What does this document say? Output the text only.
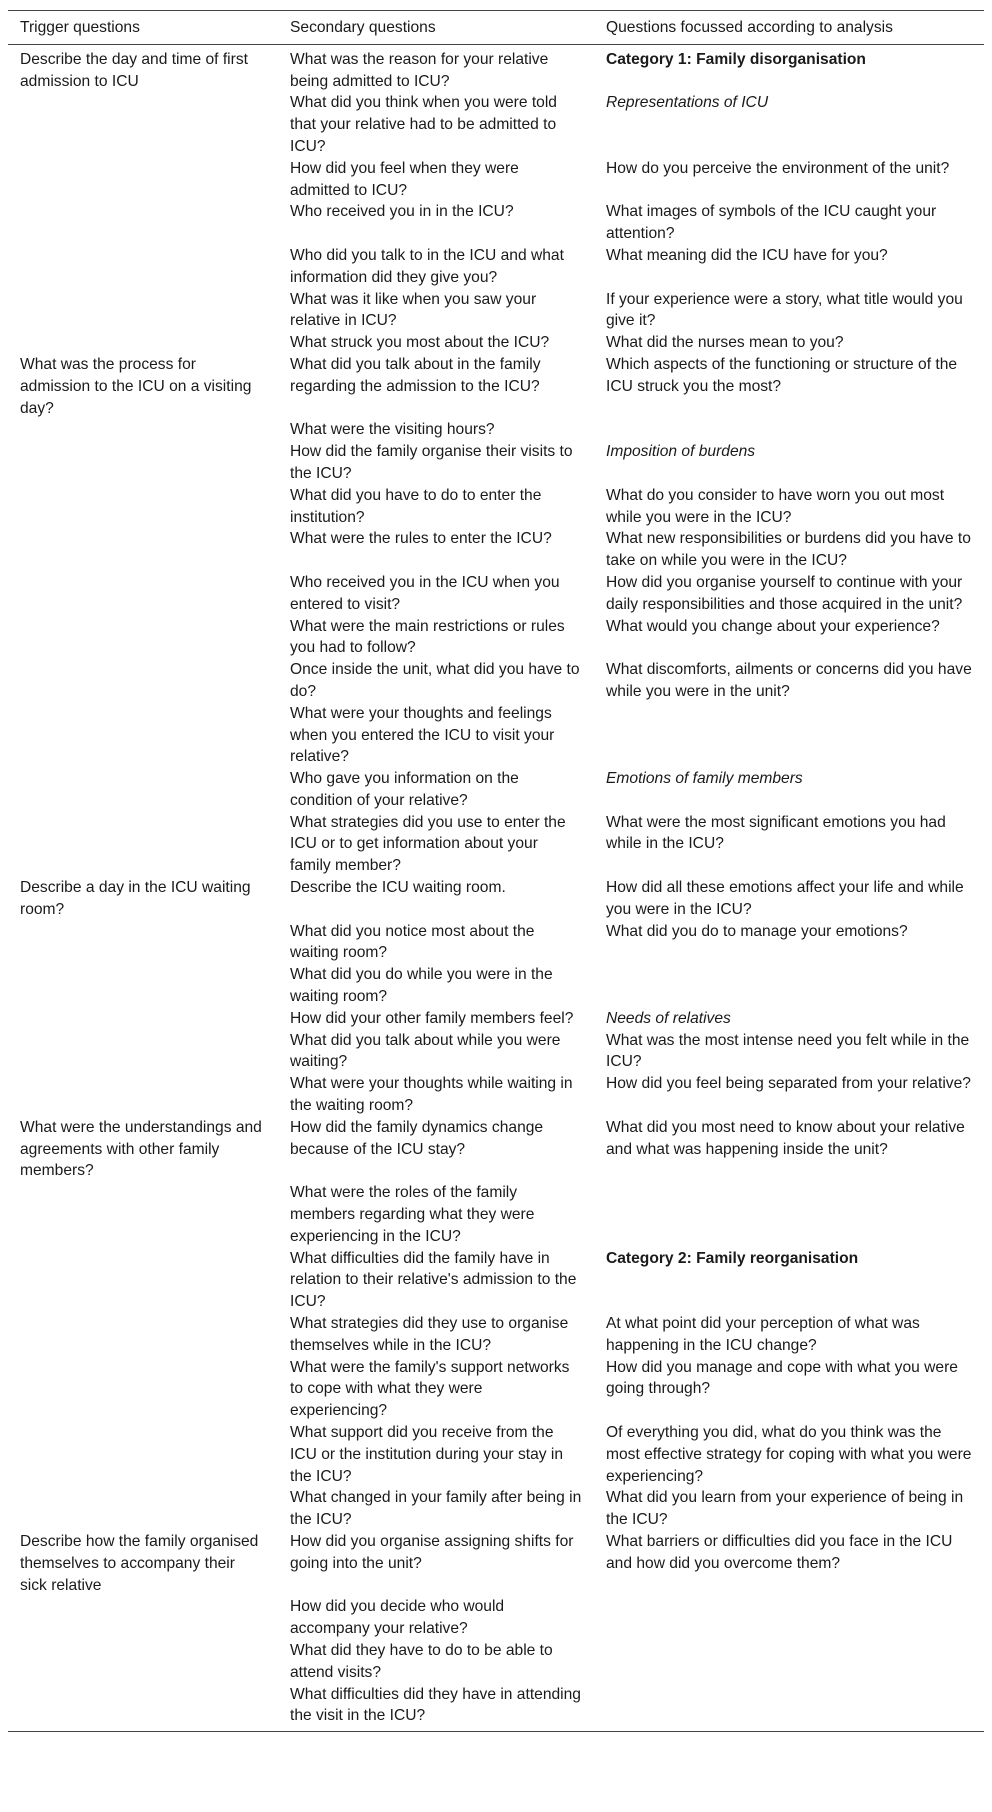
Trigger questions	Secondary questions	Questions focussed according to analysis

Describe the day and time of first admission to ICU	What was the reason for your relative being admitted to ICU?	Category 1: Family disorganisation

	What did you think when you were told that your relative had to be admitted to ICU?	Representations of ICU

	How did you feel when they were admitted to ICU?	How do you perceive the environment of the unit?

	Who received you in in the ICU?	What images of symbols of the ICU caught your attention?

	Who did you talk to in the ICU and what information did they give you?	What meaning did the ICU have for you?

	What was it like when you saw your relative in ICU?	If your experience were a story, what title would you give it?

	What struck you most about the ICU?	What did the nurses mean to you?

What was the process for admission to the ICU on a visiting day?	What did you talk about in the family regarding the admission to the ICU?	Which aspects of the functioning or structure of the ICU struck you the most?

	What were the visiting hours?	

	How did the family organise their visits to the ICU?	Imposition of burdens

	What did you have to do to enter the institution?	What do you consider to have worn you out most while you were in the ICU?

	What were the rules to enter the ICU?	What new responsibilities or burdens did you have to take on while you were in the ICU?

	Who received you in the ICU when you entered to visit?	How did you organise yourself to continue with your daily responsibilities and those acquired in the unit?

	What were the main restrictions or rules you had to follow?	What would you change about your experience?

	Once inside the unit, what did you have to do?	What discomforts, ailments or concerns did you have while you were in the unit?

	What were your thoughts and feelings when you entered the ICU to visit your relative?	

	Who gave you information on the condition of your relative?	Emotions of family members

	What strategies did you use to enter the ICU or to get information about your family member?	What were the most significant emotions you had while in the ICU?

Describe a day in the ICU waiting room?	Describe the ICU waiting room.	How did all these emotions affect your life and while you were in the ICU?

	What did you notice most about the waiting room?	What did you do to manage your emotions?

	What did you do while you were in the waiting room?	

	How did your other family members feel?	Needs of relatives

	What did you talk about while you were waiting?	What was the most intense need you felt while in the ICU?

	What were your thoughts while waiting in the waiting room?	How did you feel being separated from your relative?

What were the understandings and agreements with other family members?	How did the family dynamics change because of the ICU stay?	What did you most need to know about your relative and what was happening inside the unit?

	What were the roles of the family members regarding what they were experiencing in the ICU?	

	What difficulties did the family have in relation to their relative's admission to the ICU?	Category 2: Family reorganisation

	What strategies did they use to organise themselves while in the ICU?	At what point did your perception of what was happening in the ICU change?

	What were the family's support networks to cope with what they were experiencing?	How did you manage and cope with what you were going through?

	What support did you receive from the ICU or the institution during your stay in the ICU?	Of everything you did, what do you think was the most effective strategy for coping with what you were experiencing?

	What changed in your family after being in the ICU?	What did you learn from your experience of being in the ICU?

Describe how the family organised themselves to accompany their sick relative	How did you organise assigning shifts for going into the unit?	What barriers or difficulties did you face in the ICU and how did you overcome them?

	How did you decide who would accompany your relative?	

	What did they have to do to be able to attend visits?	

	What difficulties did they have in attending the visit in the ICU?	
